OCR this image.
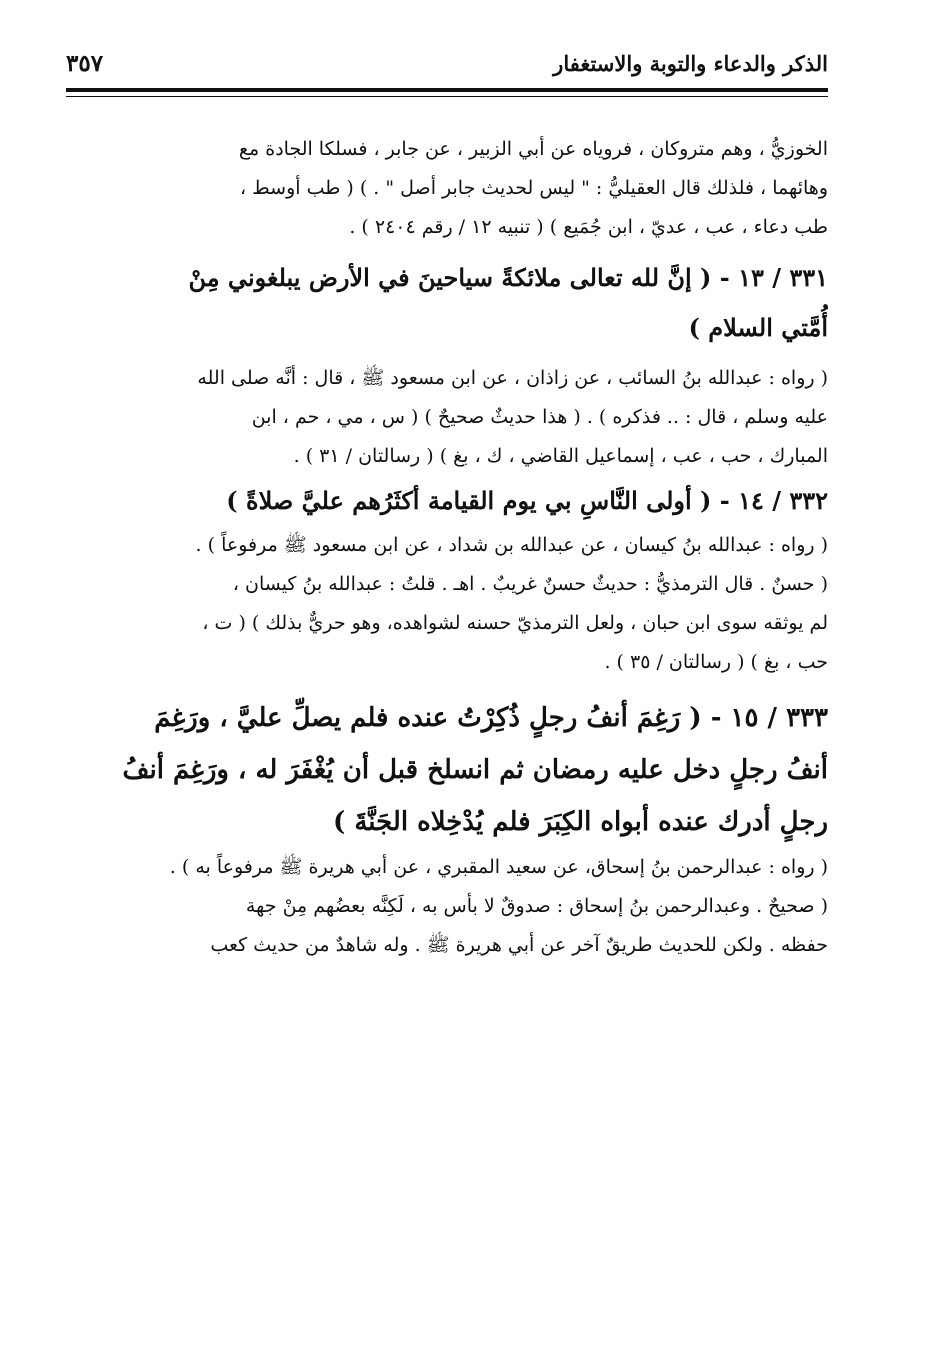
الذكر والدعاء والتوبة والاستغفار
٣٥٧

الخوزيُّ ، وهم متروكان ، فروياه عن أبي الزبير ، عن جابر ، فسلكا الجادة مع

وهائهما ، فلذلك قال العقيليُّ : " ليس لحديث جابر أصل " . ) ( طب أوسط ،

طب دعاء ، عب ، عديّ ، ابن جُمَيع ) ( تنبيه ١٢ / رقم ٢٤٠٤ ) .

٣٣١ / ١٣ - ( إنَّ لله تعالى ملائكةً سياحينَ في الأرض يبلغوني مِنْ

أُمَّتي السلام )

( رواه : عبدالله بنُ السائب ، عن زاذان ، عن ابن مسعود ﷺ ، قال : أنَّه صلى الله

عليه وسلم ، قال : .. فذكره ) . ( هذا حديثٌ صحيحٌ ) ( س ، مي ، حم ، ابن

المبارك ، حب ، عب ، إسماعيل القاضي ، ك ، بغ ) ( رسالتان / ٣١ ) .

٣٣٢ / ١٤ - ( أولى النَّاسِ بي يوم القيامة أكثَرُهم عليَّ صلاةً )

( رواه : عبدالله بنُ كيسان ، عن عبدالله بن شداد ، عن ابن مسعود ﷺ مرفوعاً ) .

( حسنٌ . قال الترمذيُّ : حديثٌ حسنٌ غريبٌ . اهـ . قلتُ : عبدالله بنُ كيسان ،

لم يوثقه سوى ابن حبان ، ولعل الترمذيّ حسنه لشواهده، وهو حريٌّ بذلك ) ( ت ،

حب ، بغ ) ( رسالتان / ٣٥ ) .

٣٣٣ / ١٥ - ( رَغِمَ أنفُ رجلٍ ذُكِرْتُ عنده فلم يصلِّ عليَّ ، ورَغِمَ

أنفُ رجلٍ دخل عليه رمضان ثم انسلخ قبل أن يُغْفَرَ له ، ورَغِمَ أنفُ

رجلٍ أدرك عنده أبواه الكِبَرَ فلم يُدْخِلاه الجَنَّةَ )

( رواه : عبدالرحمن بنُ إسحاق، عن سعيد المقبري ، عن أبي هريرة ﷺ مرفوعاً به ) .

( صحيحٌ . وعبدالرحمن بنُ إسحاق : صدوقٌ لا بأس به ، لَكِنَّه بعضُهم مِنْ جهة

حفظه . ولكن للحديث طريقٌ آخر عن أبي هريرة ﷺ . وله شاهدٌ من حديث كعب
